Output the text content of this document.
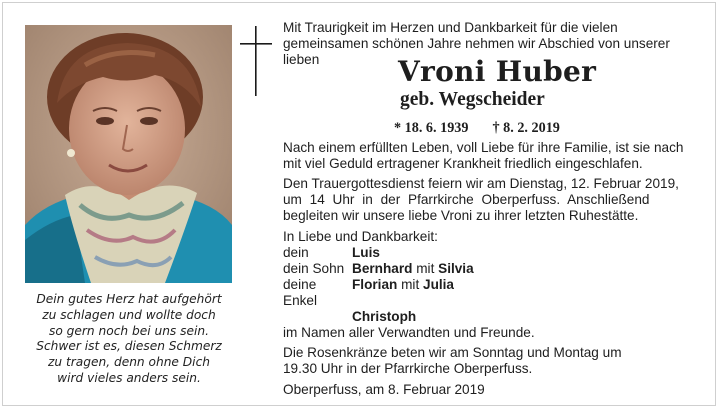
Dein gutes Herz hat aufgehört
zu schlagen und wollte doch
so gern noch bei uns sein.
Schwer ist es, diesen Schmerz
zu tragen, denn ohne Dich
wird vieles anders sein.

Mit Traurigkeit im Herzen und Dankbarkeit für die vielen

gemeinsamen schönen Jahre nehmen wir Abschied von unserer

lieben	Vroni Huber

geb. Wegscheider

* 18. 6. 1939 † 8. 2. 2019

Nach einem erfüllten Leben, voll Liebe für ihre Familie, ist sie nach
mit viel Geduld ertragener Krankheit friedlich eingeschlafen.
Den Trauergottesdienst feiern wir am Dienstag, 12. Februar 2019,
um 14 Uhr in der Pfarrkirche Oberperfuss. Anschließend
begleiten wir unsere liebe Vroni zu ihrer letzten Ruhestätte.
In Liebe und Dankbarkeit:
dein	Luis
dein Sohn	Bernhard mit Silvia
deine Enkel	Florian mit Julia
	Christoph
im Namen aller Verwandten und Freunde.
Die Rosenkränze beten wir am Sonntag und Montag um
19.30 Uhr in der Pfarrkirche Oberperfuss.
Oberperfuss, am 8. Februar 2019
